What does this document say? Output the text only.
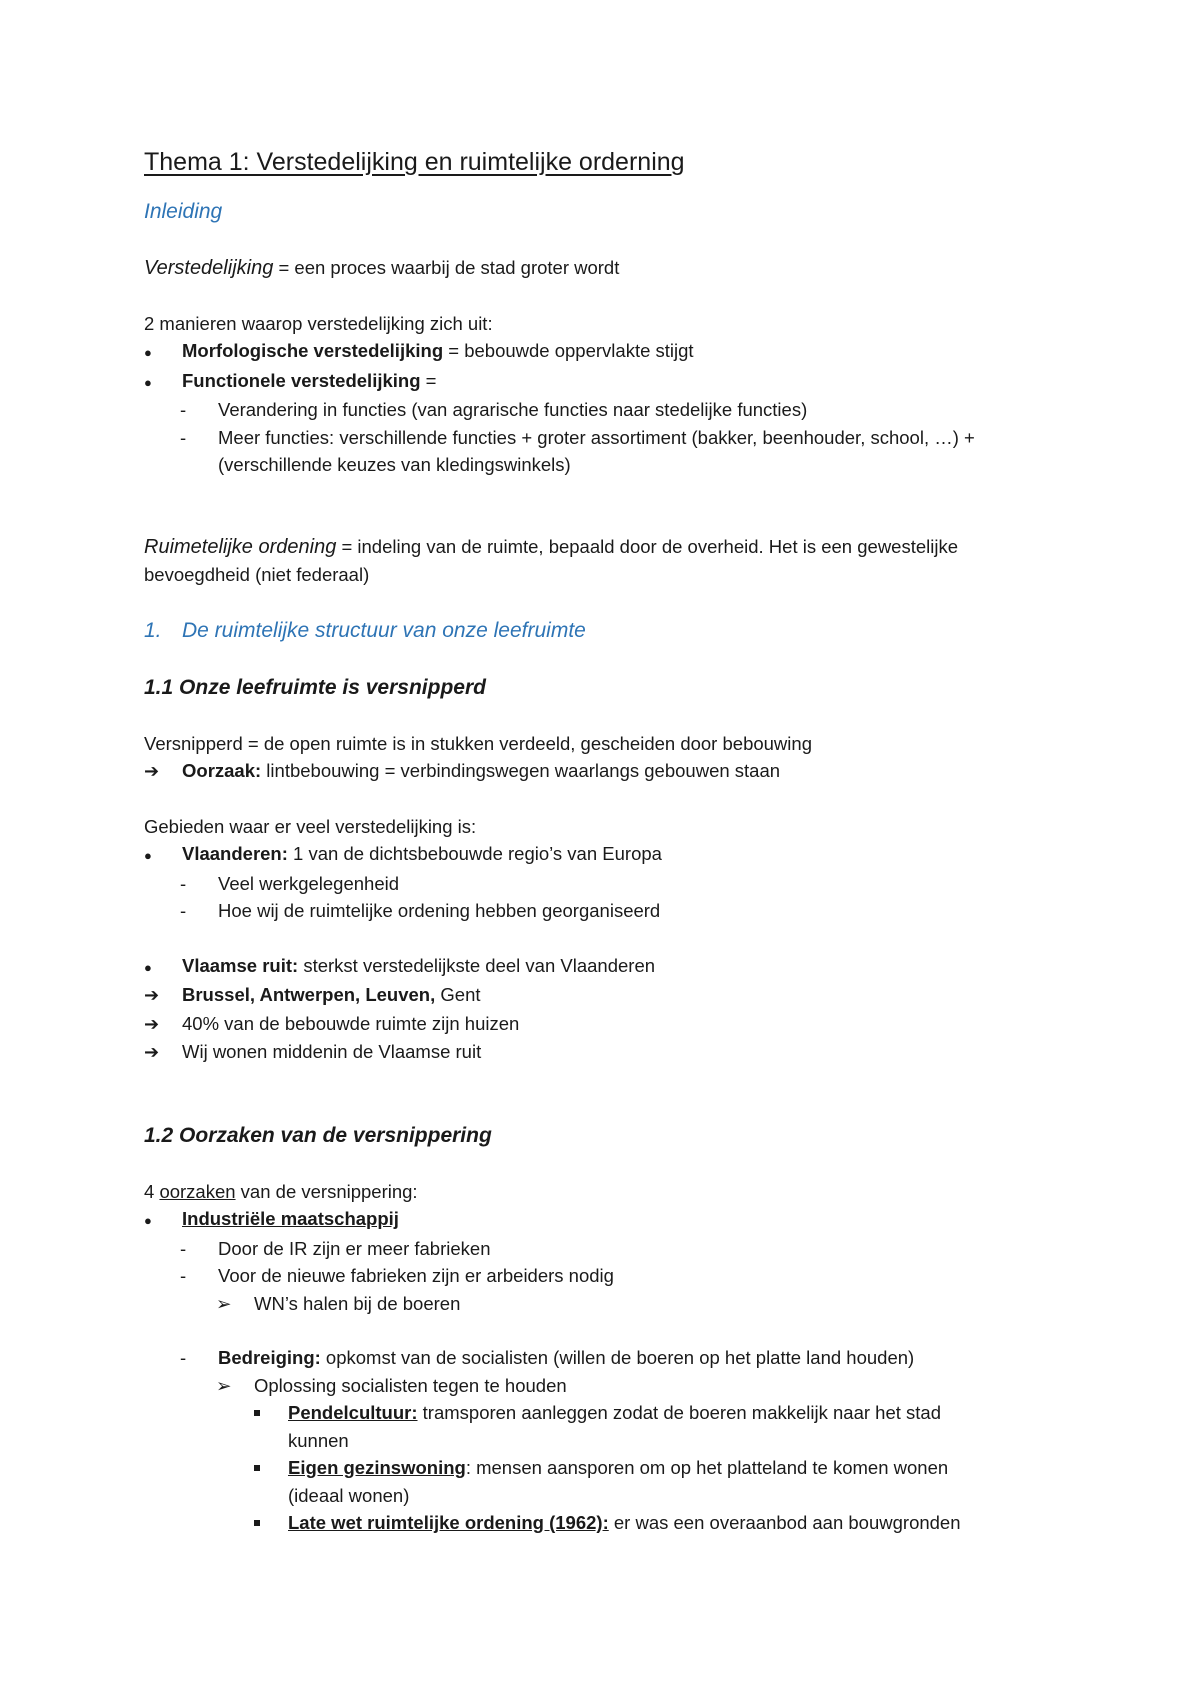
Thema 1: Verstedelijking en ruimtelijke orderning
Inleiding
Verstedelijking = een proces waarbij de stad groter wordt
2 manieren waarop verstedelijking zich uit:
●	Morfologische verstedelijking = bebouwde oppervlakte stijgt
●	Functionele verstedelijking =
-	Verandering in functies (van agrarische functies naar stedelijke functies)
-	Meer functies: verschillende functies + groter assortiment (bakker, beenhouder, school, …) +
(verschillende keuzes van kledingswinkels)
Ruimetelijke ordening = indeling van de ruimte, bepaald door de overheid. Het is een gewestelijke
bevoegdheid (niet federaal)
1. De ruimtelijke structuur van onze leefruimte
1.1 Onze leefruimte is versnipperd
Versnipperd = de open ruimte is in stukken verdeeld, gescheiden door bebouwing
➔	Oorzaak: lintbebouwing = verbindingswegen waarlangs gebouwen staan
Gebieden waar er veel verstedelijking is:
●	Vlaanderen: 1 van de dichtsbebouwde regio’s van Europa
-	Veel werkgelegenheid
-	Hoe wij de ruimtelijke ordening hebben georganiseerd
●	Vlaamse ruit: sterkst verstedelijkste deel van Vlaanderen
➔	Brussel, Antwerpen, Leuven, Gent
➔	40% van de bebouwde ruimte zijn huizen
➔	Wij wonen middenin de Vlaamse ruit
1.2 Oorzaken van de versnippering
4 oorzaken van de versnippering:
●	Industriële maatschappij
-	Door de IR zijn er meer fabrieken
-	Voor de nieuwe fabrieken zijn er arbeiders nodig
➢	WN’s halen bij de boeren
-	Bedreiging: opkomst van de socialisten (willen de boeren op het platte land houden)
➢	Oplossing socialisten tegen te houden
Pendelcultuur: tramsporen aanleggen zodat de boeren makkelijk naar het stad
kunnen
Eigen gezinswoning: mensen aansporen om op het platteland te komen wonen
(ideaal wonen)
Late wet ruimtelijke ordening (1962): er was een overaanbod aan bouwgronden
